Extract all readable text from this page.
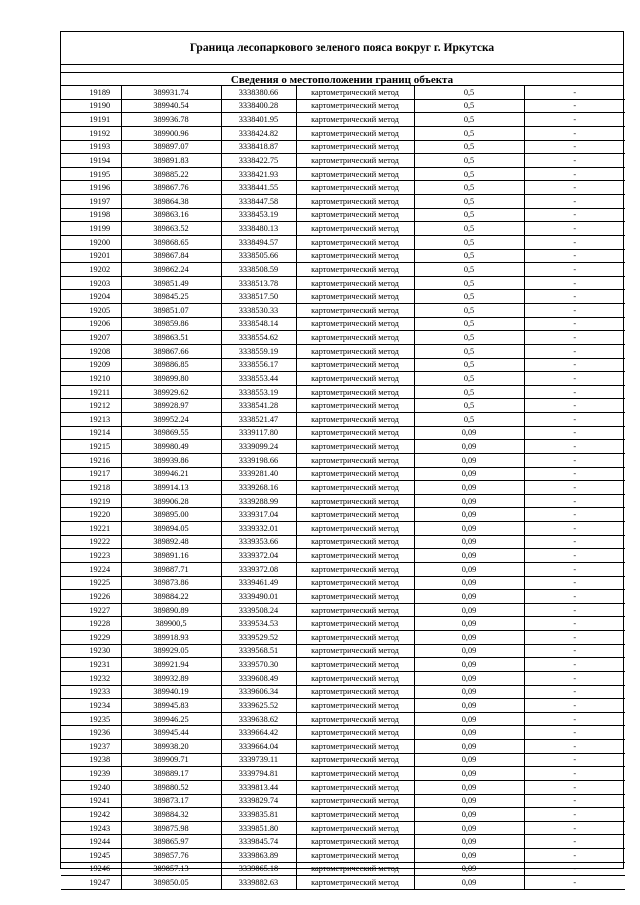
Граница лесопаркового зеленого пояса вокруг г. Иркутска
Сведения о местоположении границ объекта
19189	389931.74	3338380.66	картометрический метод	0,5	-
19190	389940.54	3338400.28	картометрический метод	0,5	-
19191	389936.78	3338401.95	картометрический метод	0,5	-
19192	389900.96	3338424.82	картометрический метод	0,5	-
19193	389897.07	3338418.87	картометрический метод	0,5	-
19194	389891.83	3338422.75	картометрический метод	0,5	-
19195	389885.22	3338421.93	картометрический метод	0,5	-
19196	389867.76	3338441.55	картометрический метод	0,5	-
19197	389864.38	3338447.58	картометрический метод	0,5	-
19198	389863.16	3338453.19	картометрический метод	0,5	-
19199	389863.52	3338480.13	картометрический метод	0,5	-
19200	389868.65	3338494.57	картометрический метод	0,5	-
19201	389867.84	3338505.66	картометрический метод	0,5	-
19202	389862.24	3338508.59	картометрический метод	0,5	-
19203	389851.49	3338513.78	картометрический метод	0,5	-
19204	389845.25	3338517.50	картометрический метод	0,5	-
19205	389851.07	3338530.33	картометрический метод	0,5	-
19206	389859.86	3338548.14	картометрический метод	0,5	-
19207	389863.51	3338554.62	картометрический метод	0,5	-
19208	389867.66	3338559.19	картометрический метод	0,5	-
19209	389886.85	3338556.17	картометрический метод	0,5	-
19210	389899.80	3338553.44	картометрический метод	0,5	-
19211	389929.62	3338553.19	картометрический метод	0,5	-
19212	389928.97	3338541.28	картометрический метод	0,5	-
19213	389952.24	3338521.47	картометрический метод	0,5	-
19214	389869.55	3339117.80	картометрический метод	0,09	-
19215	389980.49	3339099.24	картометрический метод	0,09	-
19216	389939.86	3339198.66	картометрический метод	0,09	-
19217	389946.21	3339281.40	картометрический метод	0,09	-
19218	389914.13	3339268.16	картометрический метод	0,09	-
19219	389906.28	3339288.99	картометрический метод	0,09	-
19220	389895.00	3339317.04	картометрический метод	0,09	-
19221	389894.05	3339332.01	картометрический метод	0,09	-
19222	389892.48	3339353.66	картометрический метод	0,09	-
19223	389891.16	3339372.04	картометрический метод	0,09	-
19224	389887.71	3339372.08	картометрический метод	0,09	-
19225	389873.86	3339461.49	картометрический метод	0,09	-
19226	389884.22	3339490.01	картометрический метод	0,09	-
19227	389890.89	3339508.24	картометрический метод	0,09	-
19228	389900,5	3339534.53	картометрический метод	0,09	-
19229	389918.93	3339529.52	картометрический метод	0,09	-
19230	389929.05	3339568.51	картометрический метод	0,09	-
19231	389921.94	3339570.30	картометрический метод	0,09	-
19232	389932.89	3339608.49	картометрический метод	0,09	-
19233	389940.19	3339606.34	картометрический метод	0,09	-
19234	389945.83	3339625.52	картометрический метод	0,09	-
19235	389946.25	3339638.62	картометрический метод	0,09	-
19236	389945.44	3339664.42	картометрический метод	0,09	-
19237	389938.20	3339664.04	картометрический метод	0,09	-
19238	389909.71	3339739.11	картометрический метод	0,09	-
19239	389889.17	3339794.81	картометрический метод	0,09	-
19240	389880.52	3339813.44	картометрический метод	0,09	-
19241	389873.17	3339829.74	картометрический метод	0,09	-
19242	389884.32	3339835.81	картометрический метод	0,09	-
19243	389875.98	3339851.80	картометрический метод	0,09	-
19244	389865.97	3339845.74	картометрический метод	0,09	-
19245	389857.76	3339863.89	картометрический метод	0,09	-
19246	389857.13	3339865.18	картометрический метод	0,09	-
19247	389850.05	3339882.63	картометрический метод	0,09	-
